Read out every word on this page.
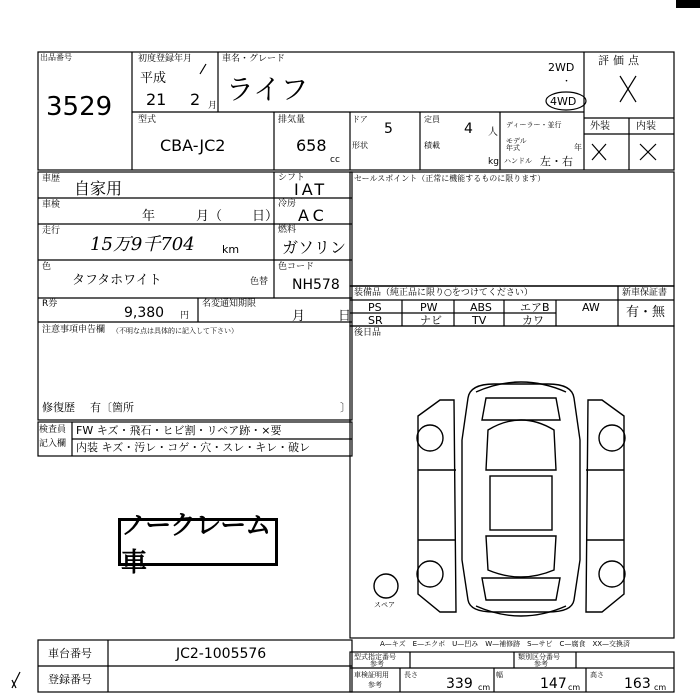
出品番号
3529
初度登録年月
平成
21 2 月
車名・グレード
ライフ
2WD
・
4WD
評価点
外装	内装
型式
CBA-JC2
排気量
658
cc
ドア
5
形状
定員
4 人
積載
kg
ディーラー・並行
モデル
年式	年
ハンドル 左・右
車歴 自家用
シフト
IAT
車検
年	月（ 日）
冷房
AC
走行
15万9千704 km
燃料
ガソリン
色
タフタホワイト	色替
色コード
NH578
R券
9,380 円
名変通知期限
月	日
注意事項申告欄 （不明な点は具体的に記入して下さい）
修復歴 有〔箇所	〕
検査員
記入欄
FW キズ・飛石・ヒビ割・リペア跡・×要
内装 キズ・汚レ・コゲ・穴・スレ・キレ・破レ
ノークレーム車
セールスポイント（正常に機能するものに限ります）
装備品（純正品に限り○をつけてください）	新車保証書
有・無
PS	PW	ABS	エアB	AW
SR	ナビ	TV	カワ
後日品
スペア
A—キズ　E—エクボ　U—凹み　W—補修跡　S—サビ　C—腐食　XX—交換済
車台番号	JC2-1005576
登録番号
型式指定番号
参考
類別区分番号
参考
車検証明用
参考
長さ
339 cm
幅
147 cm
高さ
163 cm
